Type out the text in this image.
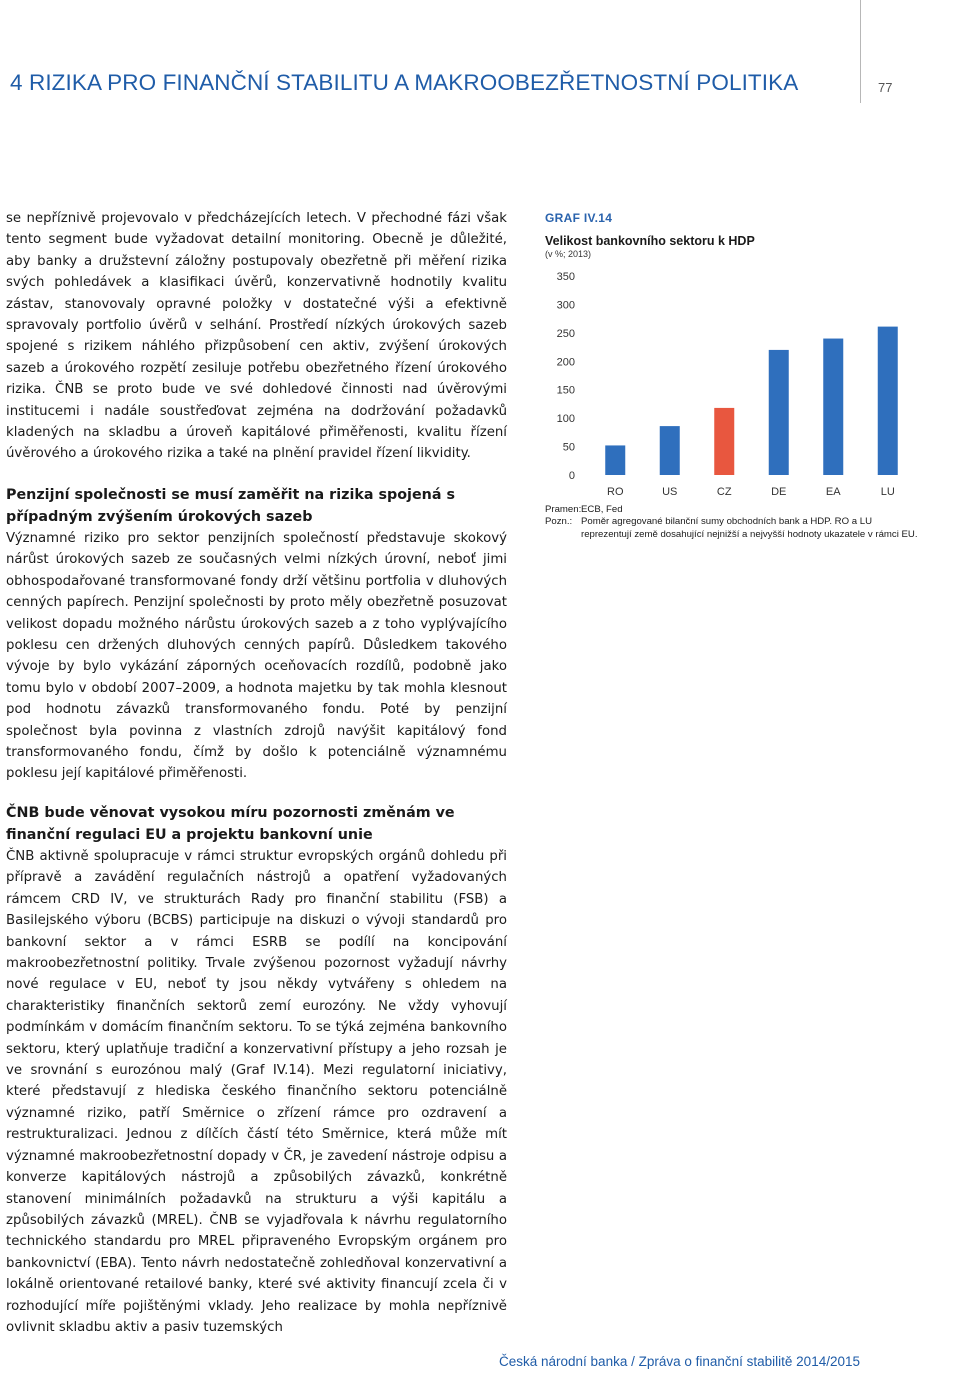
4 RIZIKA PRO FINANČNÍ STABILITU A MAKROOBEZŘETNOSTNÍ POLITIKA	77

se nepříznivě projevovalo v předcházejících letech. V přechodné fázi však tento segment bude vyžadovat detailní monitoring. Obecně je důležité, aby banky a družstevní záložny postupovaly obezřetně při měření rizika svých pohledávek a klasifikaci úvěrů, konzervativně hodnotily kvalitu zástav, stanovovaly opravné položky v dostatečné výši a efektivně spravovaly portfolio úvěrů v selhání. Prostředí nízkých úrokových sazeb spojené s rizikem náhlého přizpůsobení cen aktiv, zvýšení úrokových sazeb a úrokového rozpětí zesiluje potřebu obezřetného řízení úrokového rizika. ČNB se proto bude ve své dohledové činnosti nad úvěrovými institucemi i nadále soustřeďovat zejména na dodržování požadavků kladených na skladbu a úroveň kapitálové přiměřenosti, kvalitu řízení úvěrového a úrokového rizika a také na plnění pravidel řízení likvidity.

Penzijní společnosti se musí zaměřit na rizika spojená s případným zvýšením úrokových sazeb

Významné riziko pro sektor penzijních společností představuje skokový nárůst úrokových sazeb ze současných velmi nízkých úrovní, neboť jimi obhospodařované transformované fondy drží většinu portfolia v dluhových cenných papírech. Penzijní společnosti by proto měly obezřetně posuzovat velikost dopadu možného nárůstu úrokových sazeb a z toho vyplývajícího poklesu cen držených dluhových cenných papírů. Důsledkem takového vývoje by bylo vykázání záporných oceňovacích rozdílů, podobně jako tomu bylo v období 2007–2009, a hodnota majetku by tak mohla klesnout pod hodnotu závazků transformovaného fondu. Poté by penzijní společnost byla povinna z vlastních zdrojů navýšit kapitálový fond transformovaného fondu, čímž by došlo k potenciálně významnému poklesu její kapitálové přiměřenosti.

ČNB bude věnovat vysokou míru pozornosti změnám ve finanční regulaci EU a projektu bankovní unie

ČNB aktivně spolupracuje v rámci struktur evropských orgánů dohledu při přípravě a zavádění regulačních nástrojů a opatření vyžadovaných rámcem CRD IV, ve strukturách Rady pro finanční stabilitu (FSB) a Basilejského výboru (BCBS) participuje na diskuzi o vývoji standardů pro bankovní sektor a v rámci ESRB se podílí na koncipování makroobezřetnostní politiky. Trvale zvýšenou pozornost vyžadují návrhy nové regulace v EU, neboť ty jsou někdy vytvářeny s ohledem na charakteristiky finančních sektorů zemí eurozóny. Ne vždy vyhovují podmínkám v domácím finančním sektoru. To se týká zejména bankovního sektoru, který uplatňuje tradiční a konzervativní přístupy a jeho rozsah je ve srovnání s eurozónou malý (Graf IV.14). Mezi regulatorní iniciativy, které představují z hlediska českého finančního sektoru potenciálně významné riziko, patří Směrnice o zřízení rámce pro ozdravení a restrukturalizaci. Jednou z dílčích částí této Směrnice, která může mít významné makroobezřetnostní dopady v ČR, je zavedení nástroje odpisu a konverze kapitálových nástrojů a způsobilých závazků, konkrétně stanovení minimálních požadavků na strukturu a výši kapitálu a způsobilých závazků (MREL). ČNB se vyjadřovala k návrhu regulatorního technického standardu pro MREL připraveného Evropským orgánem pro bankovnictví (EBA). Tento návrh nedostatečně zohledňoval konzervativní a lokálně orientované retailové banky, které své aktivity financují zcela či v rozhodující míře pojištěnými vklady. Jeho realizace by mohla nepříznivě ovlivnit skladbu aktiv a pasiv tuzemských

GRAF IV.14
Velikost bankovního sektoru k HDP
(v %; 2013)
0
50
100
150
200
250
300
350
RO	US	CZ	DE	EA	LU
Pramen: ECB, Fed
Pozn.: Poměr agregované bilanční sumy obchodních bank a HDP. RO a LU reprezentují země dosahující nejnižší a nejvyšší hodnoty ukazatele v rámci EU.
Česká národní banka / Zpráva o finanční stabilitě 2014/2015
